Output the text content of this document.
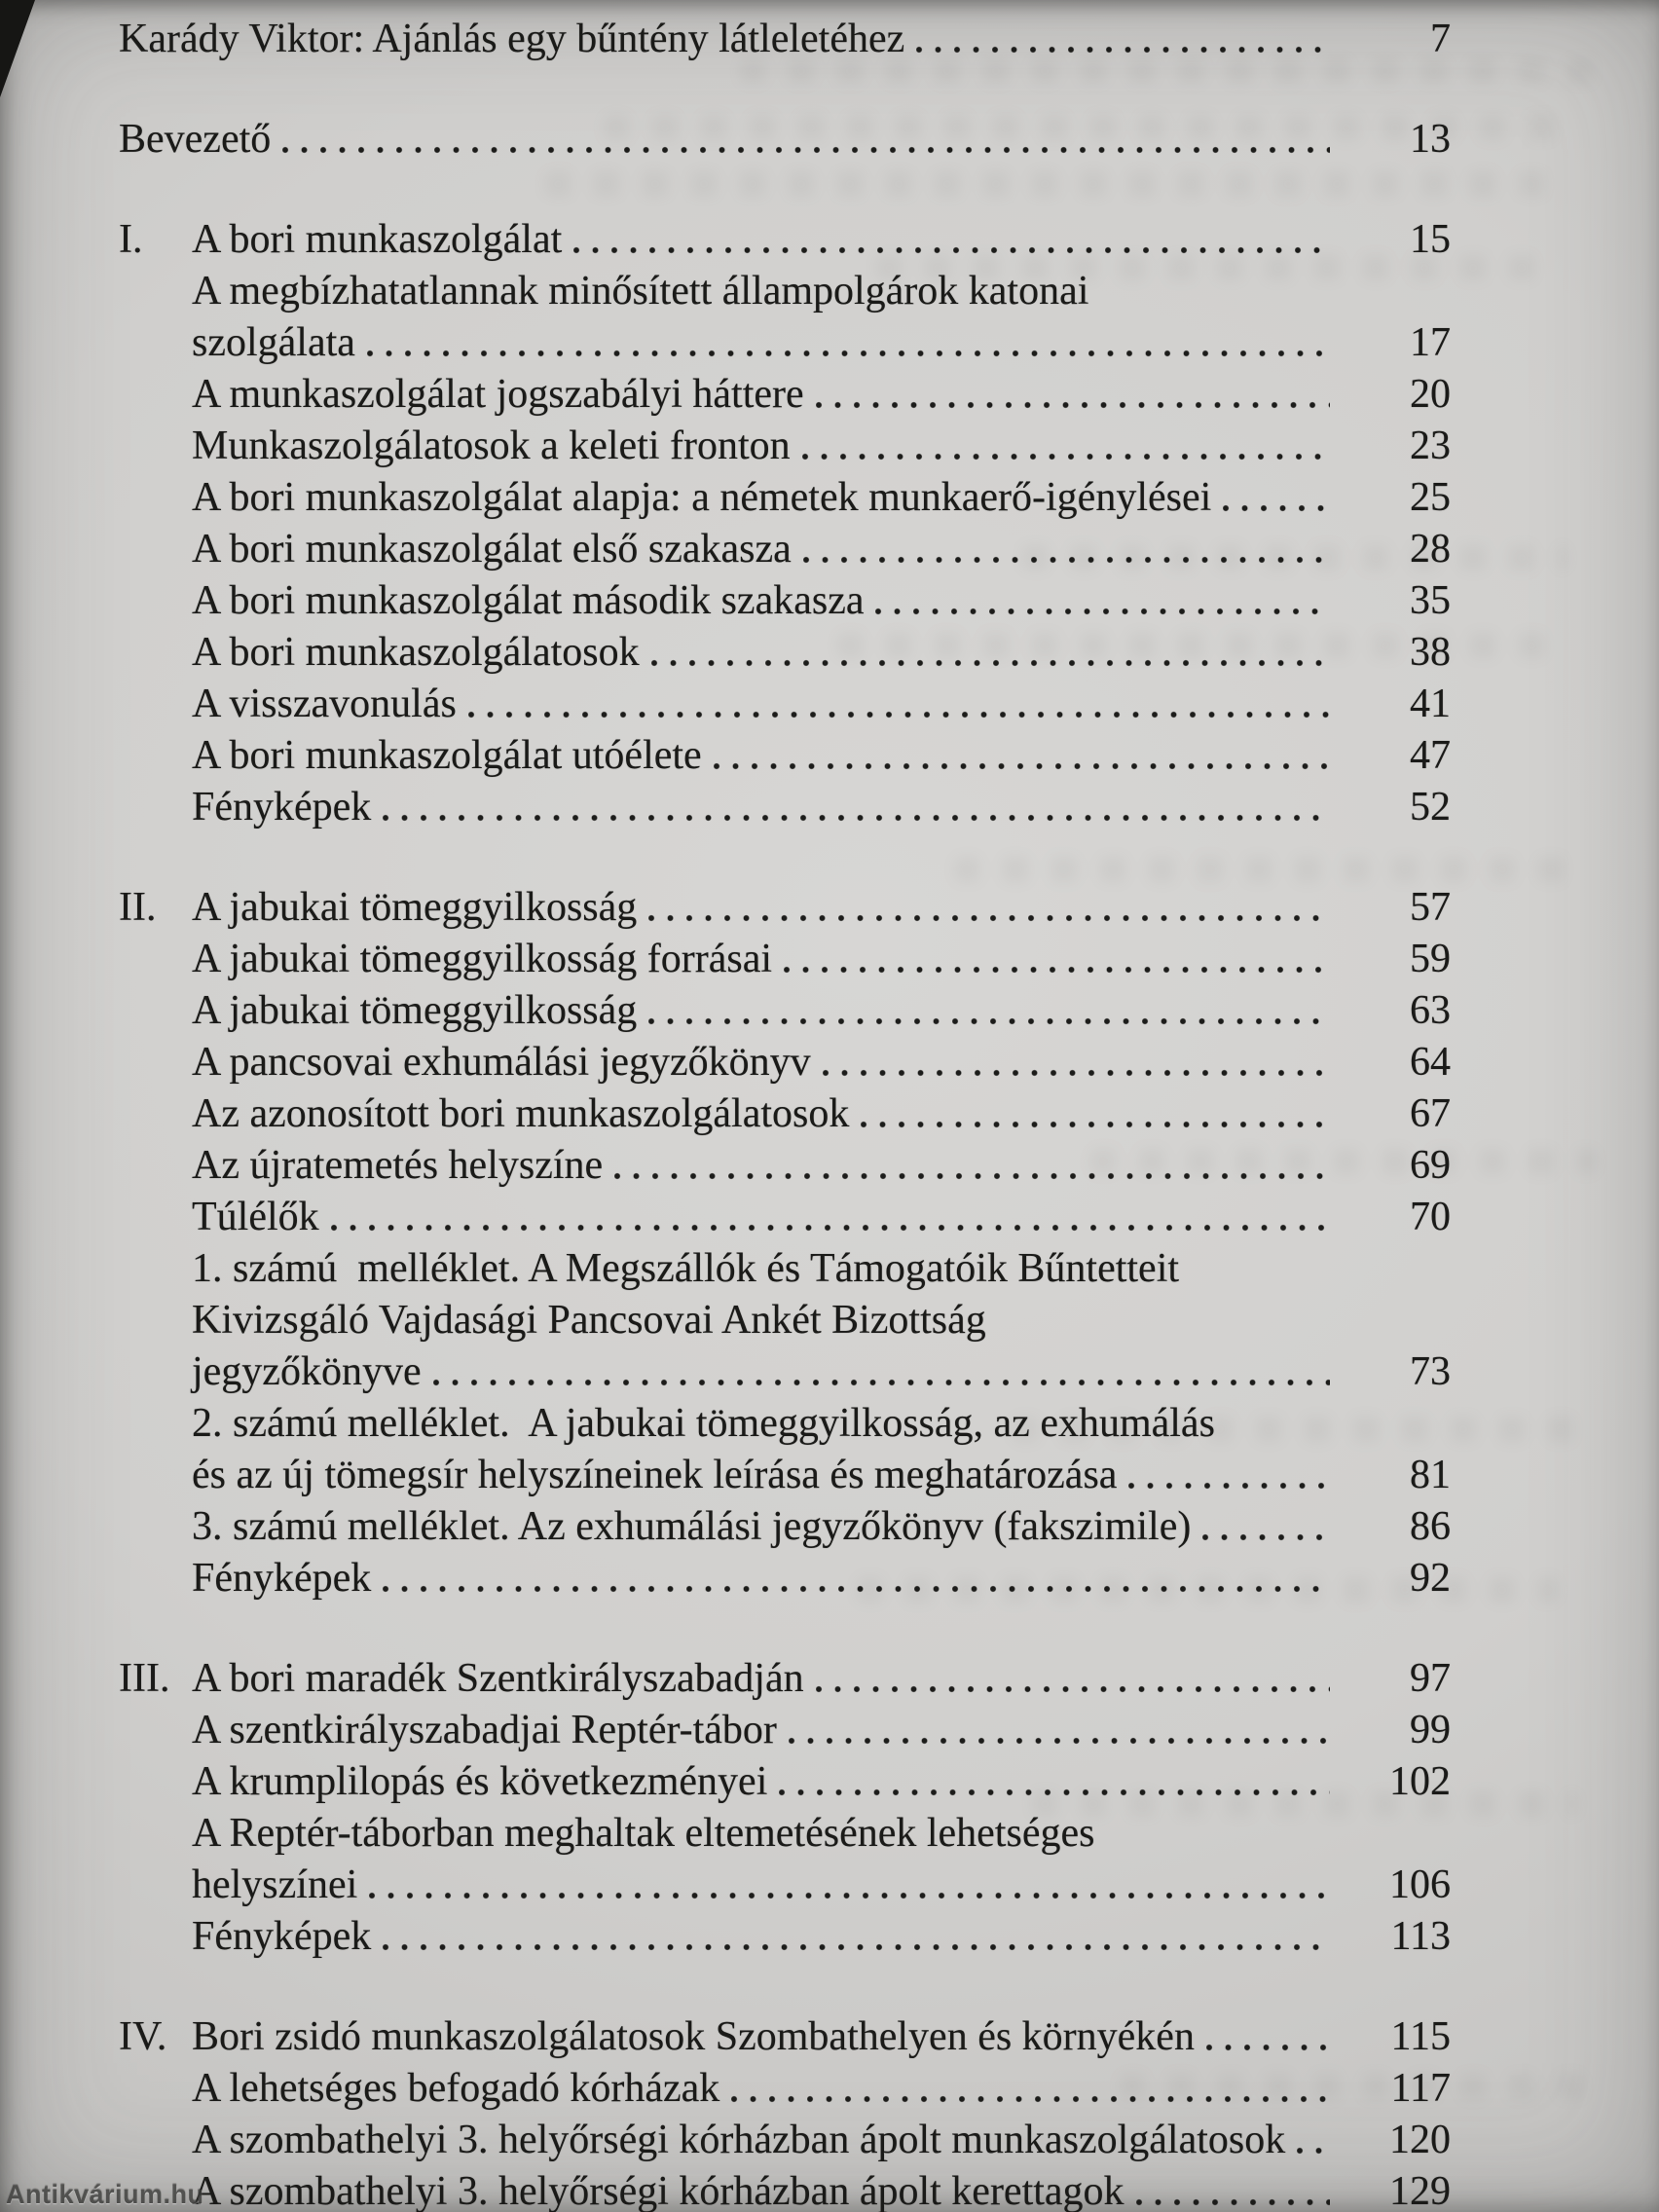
Karády Viktor: Ajánlás egy bűntény látleletéhez	7
Bevezető	13
I.	A bori munkaszolgálat	15
A megbízhatatlannak minősített állampolgárok katonai
szolgálata	17
A munkaszolgálat jogszabályi háttere	20
Munkaszolgálatosok a keleti fronton	23
A bori munkaszolgálat alapja: a németek munkaerő-igénylései	25
A bori munkaszolgálat első szakasza	28
A bori munkaszolgálat második szakasza	35
A bori munkaszolgálatosok	38
A visszavonulás	41
A bori munkaszolgálat utóélete	47
Fényképek	52
II. A jabukai tömeggyilkosság	57
A jabukai tömeggyilkosság forrásai	59
A jabukai tömeggyilkosság	63
A pancsovai exhumálási jegyzőkönyv	64
Az azonosított bori munkaszolgálatosok	67
Az újratemetés helyszíne	69
Túlélők	70
1. számú  melléklet. A Megszállók és Támogatóik Bűntetteit
Kivizsgáló Vajdasági Pancsovai Ankét Bizottság
jegyzőkönyve	73
2. számú melléklet.  A jabukai tömeggyilkosság, az exhumálás
és az új tömegsír helyszíneinek leírása és meghatározása	81
3. számú melléklet. Az exhumálási jegyzőkönyv (fakszimile)	86
Fényképek	92
III. A bori maradék Szentkirályszabadján	97
A szentkirályszabadjai Reptér-tábor	99
A krumplilopás és következményei	102
A Reptér-táborban meghaltak eltemetésének lehetséges
helyszínei	106
Fényképek	113
IV. Bori zsidó munkaszolgálatosok Szombathelyen és környékén	115
A lehetséges befogadó kórházak	117
A szombathelyi 3. helyőrségi kórházban ápolt munkaszolgálatosok	120
A szombathelyi 3. helyőrségi kórházban ápolt kerettagok	129
Antikvárium.hu
